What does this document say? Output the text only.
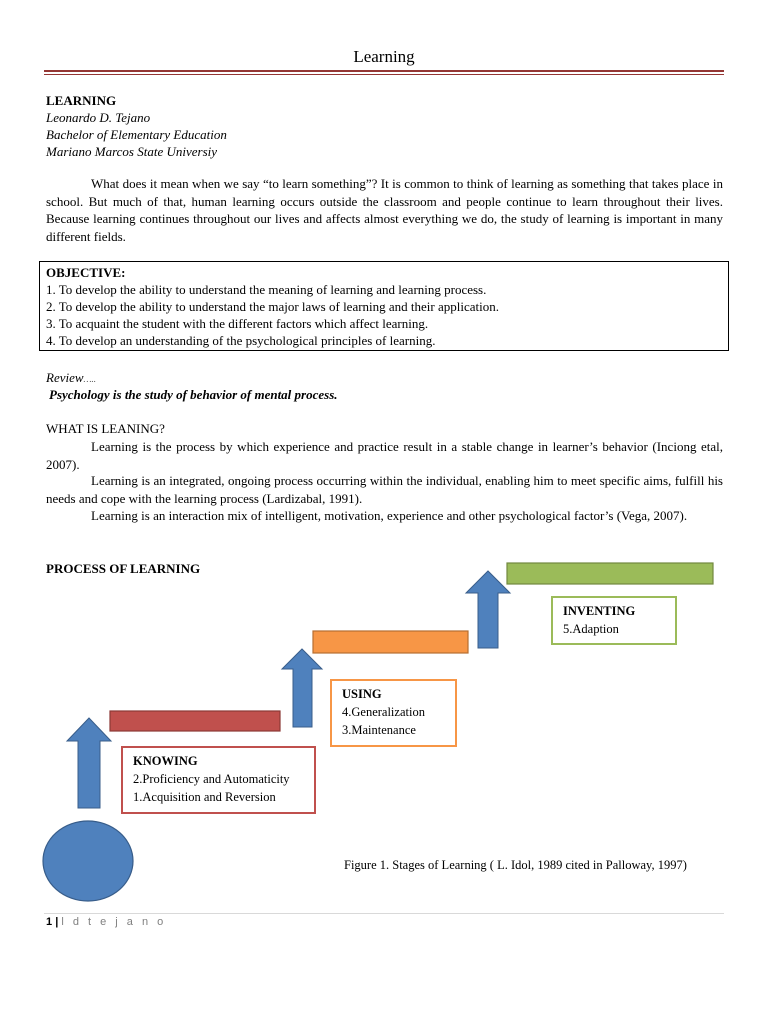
Learning
LEARNING
Leonardo D. Tejano
Bachelor of Elementary Education
Mariano Marcos State Universiy
What does it mean when we say “to learn something”? It is common to think of learning as something that takes place in school. But much of that, human learning occurs outside the classroom and people continue to learn throughout their lives. Because learning continues throughout our lives and affects almost everything we do, the study of learning is important in many different fields.
OBJECTIVE:
1. To develop the ability to understand the meaning of learning and learning process.
2. To develop the ability to understand the major laws of learning and their application.
3. To acquaint the student with the different factors which affect learning.
4. To develop an understanding of the psychological principles of learning.
Review…..
Psychology is the study of behavior of mental process.
WHAT IS LEANING?
Learning is the process by which experience and practice result in a stable change in learner’s behavior (Inciong etal, 2007).
Learning is an integrated, ongoing process occurring within the individual, enabling him to meet specific aims, fulfill his needs and cope with the learning process (Lardizabal, 1991).
Learning is an interaction mix of intelligent, motivation, experience and other psychological factor’s (Vega, 2007).
PROCESS OF LEARNING
KNOWING
2.Proficiency and Automaticity
1.Acquisition and Reversion
USING
4.Generalization
3.Maintenance
INVENTING
5.Adaption
Figure 1. Stages of Learning ( L. Idol, 1989 cited in Palloway, 1997)
1 | l d t e j a n o
